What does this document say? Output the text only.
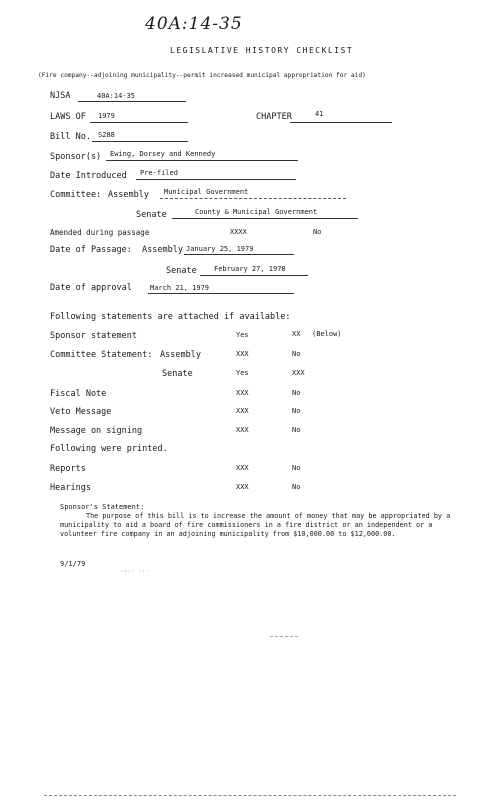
40A:14-35
LEGISLATIVE HISTORY CHECKLIST
(Fire company--adjoining municipality--permit increased municipal appropriation for aid)
NJSA	40A:14-35
LAWS OF 1979	CHAPTER	41
Bill No. S288
Sponsor(s) Ewing, Dorsey and Kennedy
Date Introduced Pre-filed
Committee: Assembly Municipal Government
Senate	County & Municipal Government
Amended during passage	XXXX	No
Date of Passage: Assembly January 25, 1979
Senate February 27, 1978
Date of approval	March 21, 1979
Following statements are attached if available:
Sponsor statement	Yes	XX (Below)
Committee Statement: Assembly	XXX	No
Senate	Yes	XXX
Fiscal Note	XXX	No
Veto Message	XXX	No
Message on signing	XXX	No
Following were printed.
Reports	XXX	No
Hearings	XXX	No
Sponsor's Statement:
The purpose of this bill is to increase the amount of money that may be appropriated by a municipality to aid a board of fire commissioners in a fire district or an independent or a volunteer fire company in an adjoining municipality from $10,000.00 to $12,000.00.
9/1/79
·~·· ···
